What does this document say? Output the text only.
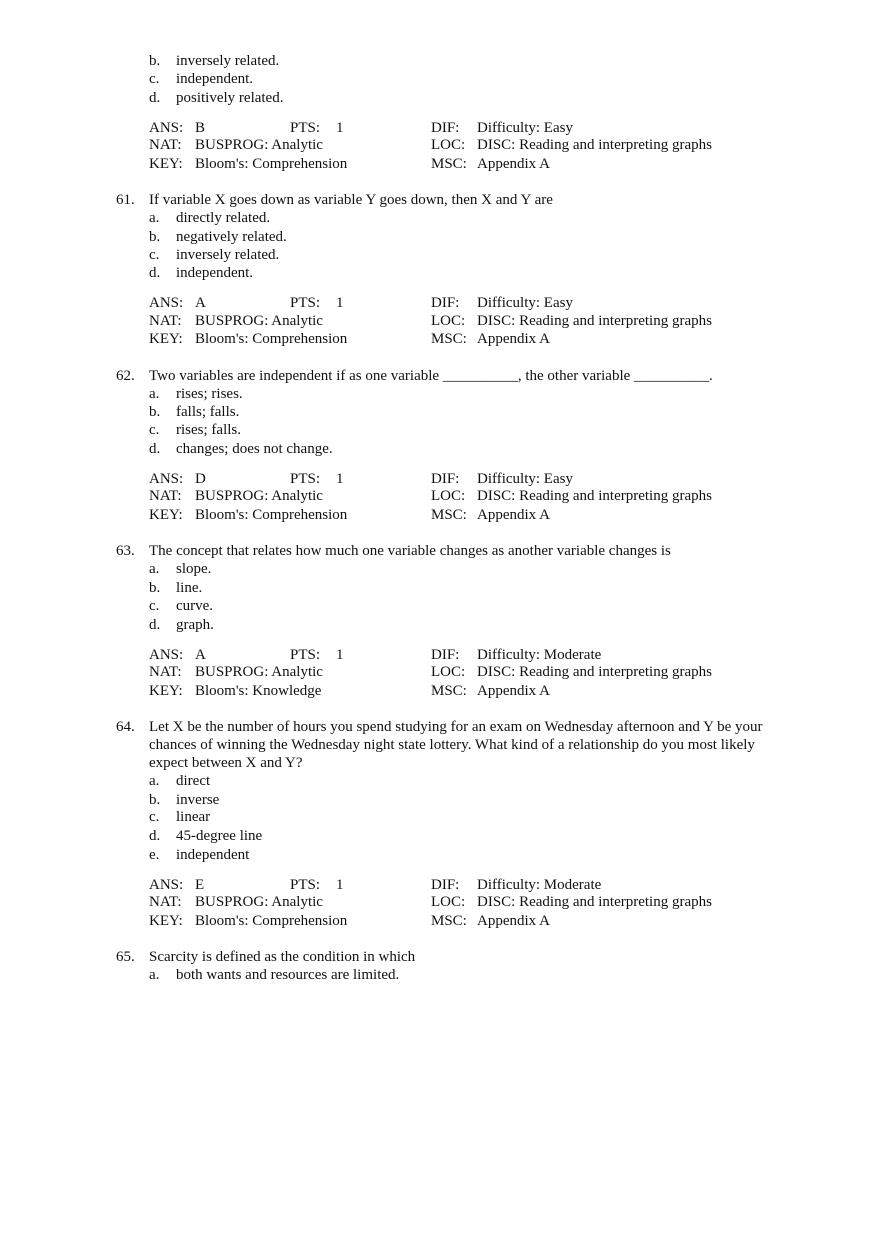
b. inversely related.
c. independent.
d. positively related.
ANS: B	PTS: 1	DIF: Difficulty: Easy
NAT: BUSPROG: Analytic	LOC: DISC: Reading and interpreting graphs
KEY: Bloom's: Comprehension	MSC: Appendix A
61. If variable X goes down as variable Y goes down, then X and Y are
a. directly related.
b. negatively related.
c. inversely related.
d. independent.
ANS: A	PTS: 1	DIF: Difficulty: Easy
NAT: BUSPROG: Analytic	LOC: DISC: Reading and interpreting graphs
KEY: Bloom's: Comprehension	MSC: Appendix A
62. Two variables are independent if as one variable __________, the other variable __________.
a. rises; rises.
b. falls; falls.
c. rises; falls.
d. changes; does not change.
ANS: D	PTS: 1	DIF: Difficulty: Easy
NAT: BUSPROG: Analytic	LOC: DISC: Reading and interpreting graphs
KEY: Bloom's: Comprehension	MSC: Appendix A
63. The concept that relates how much one variable changes as another variable changes is
a. slope.
b. line.
c. curve.
d. graph.
ANS: A	PTS: 1	DIF: Difficulty: Moderate
NAT: BUSPROG: Analytic	LOC: DISC: Reading and interpreting graphs
KEY: Bloom's: Knowledge	MSC: Appendix A
64. Let X be the number of hours you spend studying for an exam on Wednesday afternoon and Y be your
chances of winning the Wednesday night state lottery. What kind of a relationship do you most likely
expect between X and Y?
a. direct
b. inverse
c. linear
d. 45-degree line
e. independent
ANS: E	PTS: 1	DIF: Difficulty: Moderate
NAT: BUSPROG: Analytic	LOC: DISC: Reading and interpreting graphs
KEY: Bloom's: Comprehension	MSC: Appendix A
65. Scarcity is defined as the condition in which
a. both wants and resources are limited.
